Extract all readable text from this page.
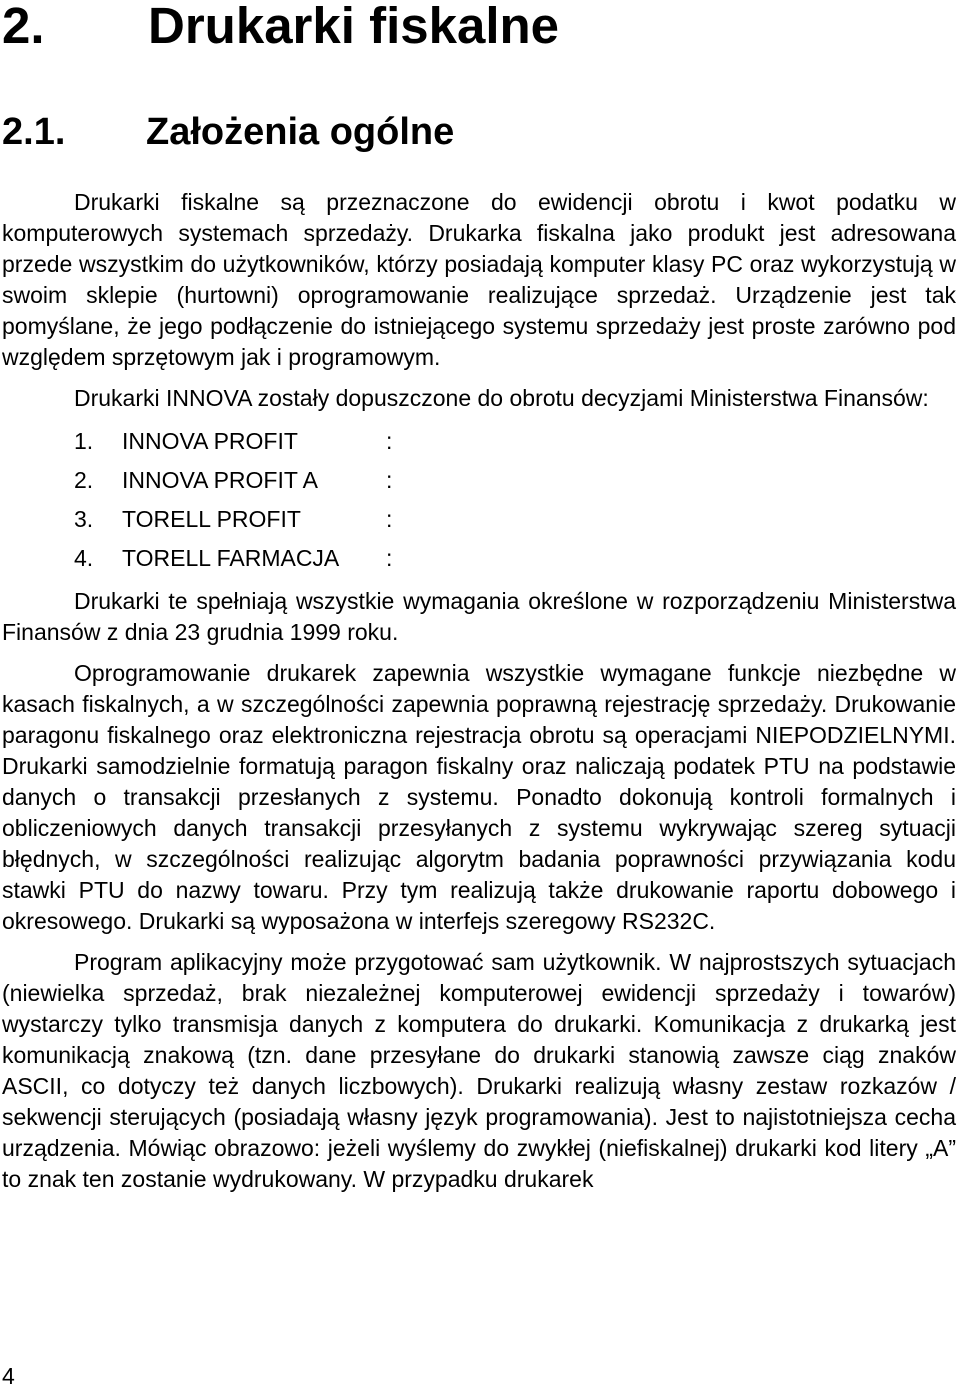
2. Drukarki fiskalne
2.1. Założenia ogólne

Drukarki fiskalne są przeznaczone do ewidencji obrotu i kwot podatku w komputerowych systemach sprzedaży. Drukarka fiskalna jako produkt jest adresowana przede wszystkim do użytkowników, którzy posiadają komputer klasy PC oraz wykorzystują w swoim sklepie (hurtowni) oprogramowanie realizujące sprzedaż. Urządzenie jest tak pomyślane, że jego podłączenie do istniejącego systemu sprzedaży jest proste zarówno pod względem sprzętowym jak i programowym.

Drukarki INNOVA zostały dopuszczone do obrotu decyzjami Ministerstwa Finansów:

1. INNOVA PROFIT	:
2. INNOVA PROFIT A	:
3. TORELL PROFIT	:
4. TORELL FARMACJA :

Drukarki te spełniają wszystkie wymagania określone w rozporządzeniu Ministerstwa Finansów z dnia 23 grudnia 1999 roku.

Oprogramowanie drukarek zapewnia wszystkie wymagane funkcje niezbędne w kasach fiskalnych, a w szczególności zapewnia poprawną rejestrację sprzedaży. Drukowanie paragonu fiskalnego oraz elektroniczna rejestracja obrotu są operacjami NIEPODZIELNYMI. Drukarki samodzielnie formatują paragon fiskalny oraz naliczają podatek PTU na podstawie danych o transakcji przesłanych z systemu. Ponadto dokonują kontroli formalnych i obliczeniowych danych transakcji przesyłanych z systemu wykrywając szereg sytuacji błędnych, w szczególności realizując algorytm badania poprawności przywiązania kodu stawki PTU do nazwy towaru. Przy tym realizują także drukowanie raportu dobowego i okresowego. Drukarki są wyposażona w interfejs szeregowy RS232C.

Program aplikacyjny może przygotować sam użytkownik. W najprostszych sytuacjach (niewielka sprzedaż, brak niezależnej komputerowej ewidencji sprzedaży i towarów) wystarczy tylko transmisja danych z komputera do drukarki. Komunikacja z drukarką jest komunikacją znakową (tzn. dane przesyłane do drukarki stanowią zawsze ciąg znaków ASCII, co dotyczy też danych liczbowych). Drukarki realizują własny zestaw rozkazów / sekwencji sterujących (posiadają własny język programowania). Jest to najistotniejsza cecha urządzenia. Mówiąc obrazowo: jeżeli wyślemy do zwykłej (niefiskalnej) drukarki kod litery „A” to znak ten zostanie wydrukowany. W przypadku drukarek

4
